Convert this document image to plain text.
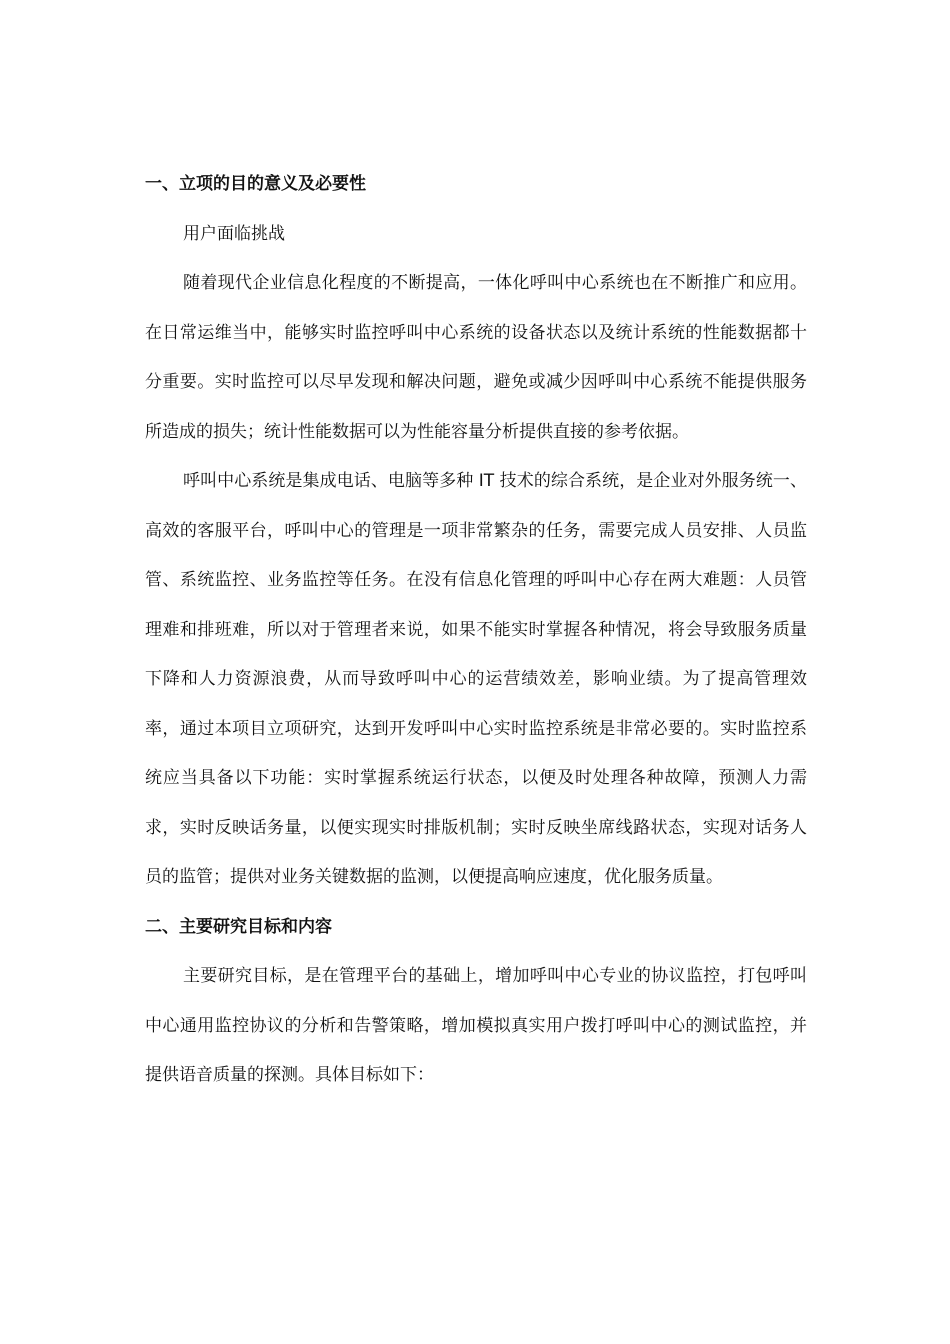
一、立项的目的意义及必要性

用户面临挑战

随着现代企业信息化程度的不断提高，一体化呼叫中心系统也在不断推广和应用。在日常运维当中，能够实时监控呼叫中心系统的设备状态以及统计系统的性能数据都十分重要。实时监控可以尽早发现和解决问题，避免或减少因呼叫中心系统不能提供服务所造成的损失；统计性能数据可以为性能容量分析提供直接的参考依据。

呼叫中心系统是集成电话、电脑等多种 IT 技术的综合系统，是企业对外服务统一、高效的客服平台，呼叫中心的管理是一项非常繁杂的任务，需要完成人员安排、人员监管、系统监控、业务监控等任务。在没有信息化管理的呼叫中心存在两大难题：人员管理难和排班难，所以对于管理者来说，如果不能实时掌握各种情况，将会导致服务质量下降和人力资源浪费，从而导致呼叫中心的运营绩效差，影响业绩。为了提高管理效率，通过本项目立项研究，达到开发呼叫中心实时监控系统是非常必要的。实时监控系统应当具备以下功能：实时掌握系统运行状态，以便及时处理各种故障，预测人力需求，实时反映话务量，以便实现实时排版机制；实时反映坐席线路状态，实现对话务人员的监管；提供对业务关键数据的监测，以便提高响应速度，优化服务质量。

二、主要研究目标和内容

主要研究目标，是在管理平台的基础上，增加呼叫中心专业的协议监控，打包呼叫中心通用监控协议的分析和告警策略，增加模拟真实用户拨打呼叫中心的测试监控，并提供语音质量的探测。具体目标如下：
